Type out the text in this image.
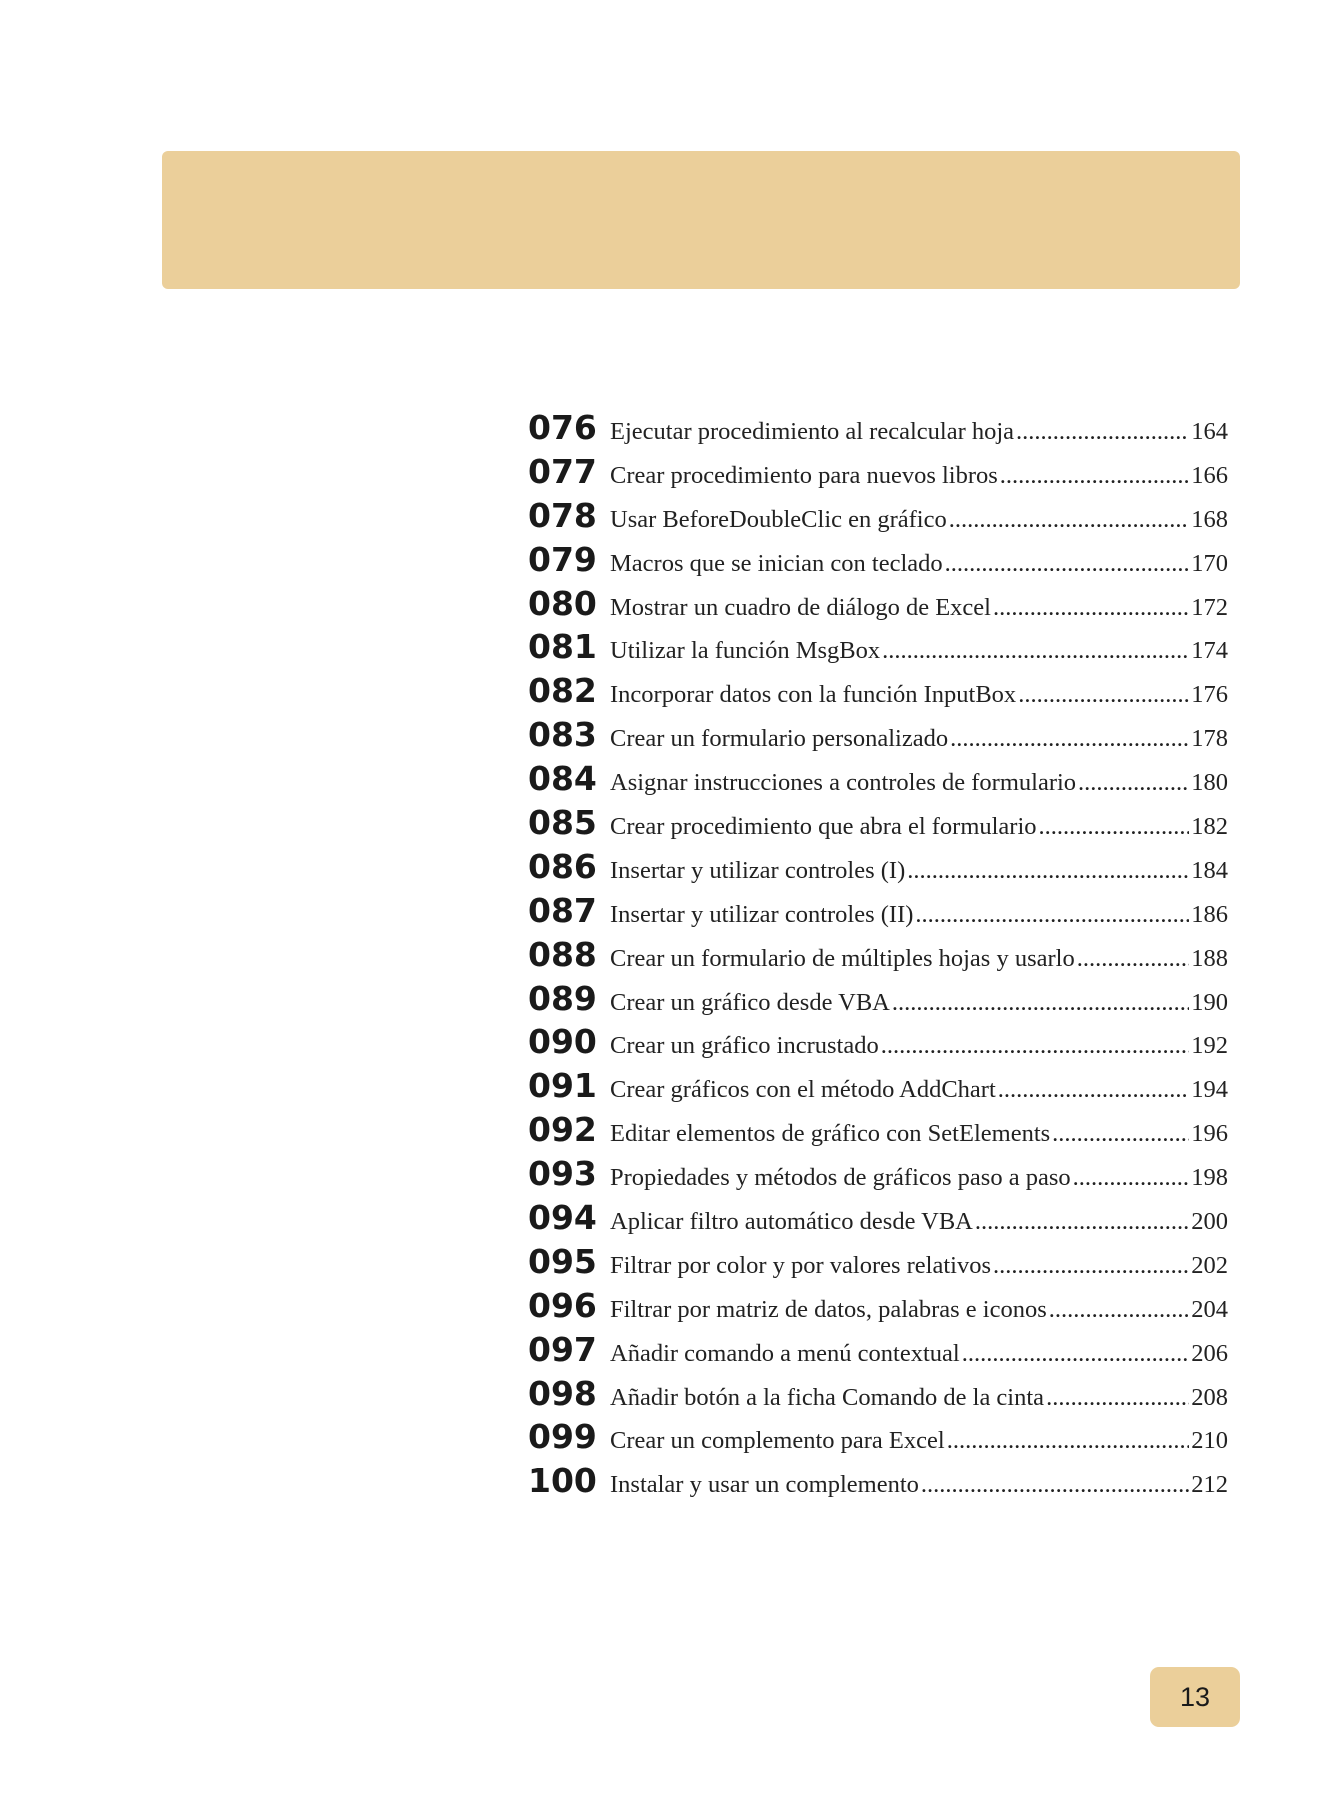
076 Ejecutar procedimiento al recalcular hoja .....	164
077 Crear procedimiento para nuevos libros .....	166
078 Usar BeforeDoubleClic en gráfico .....	168
079 Macros que se inician con teclado .....	170
080 Mostrar un cuadro de diálogo de Excel .....	172
081 Utilizar la función MsgBox .....	174
082 Incorporar datos con la función InputBox .....	176
083 Crear un formulario personalizado .....	178
084 Asignar instrucciones a controles de formulario .....	180
085 Crear procedimiento que abra el formulario .....	182
086 Insertar y utilizar controles (I) .....	184
087 Insertar y utilizar controles (II) .....	186
088 Crear un formulario de múltiples hojas y usarlo .....	188
089 Crear un gráfico desde VBA .....	190
090 Crear un gráfico incrustado .....	192
091 Crear gráficos con el método AddChart .....	194
092 Editar elementos de gráfico con SetElements .....	196
093 Propiedades y métodos de gráficos paso a paso .....	198
094 Aplicar filtro automático desde VBA .....	200
095 Filtrar por color y por valores relativos .....	202
096 Filtrar por matriz de datos, palabras e iconos .....	204
097 Añadir comando a menú contextual .....	206
098 Añadir botón a la ficha Comando de la cinta .....	208
099 Crear un complemento para Excel .....	210
100 Instalar y usar un complemento .....	212
13
